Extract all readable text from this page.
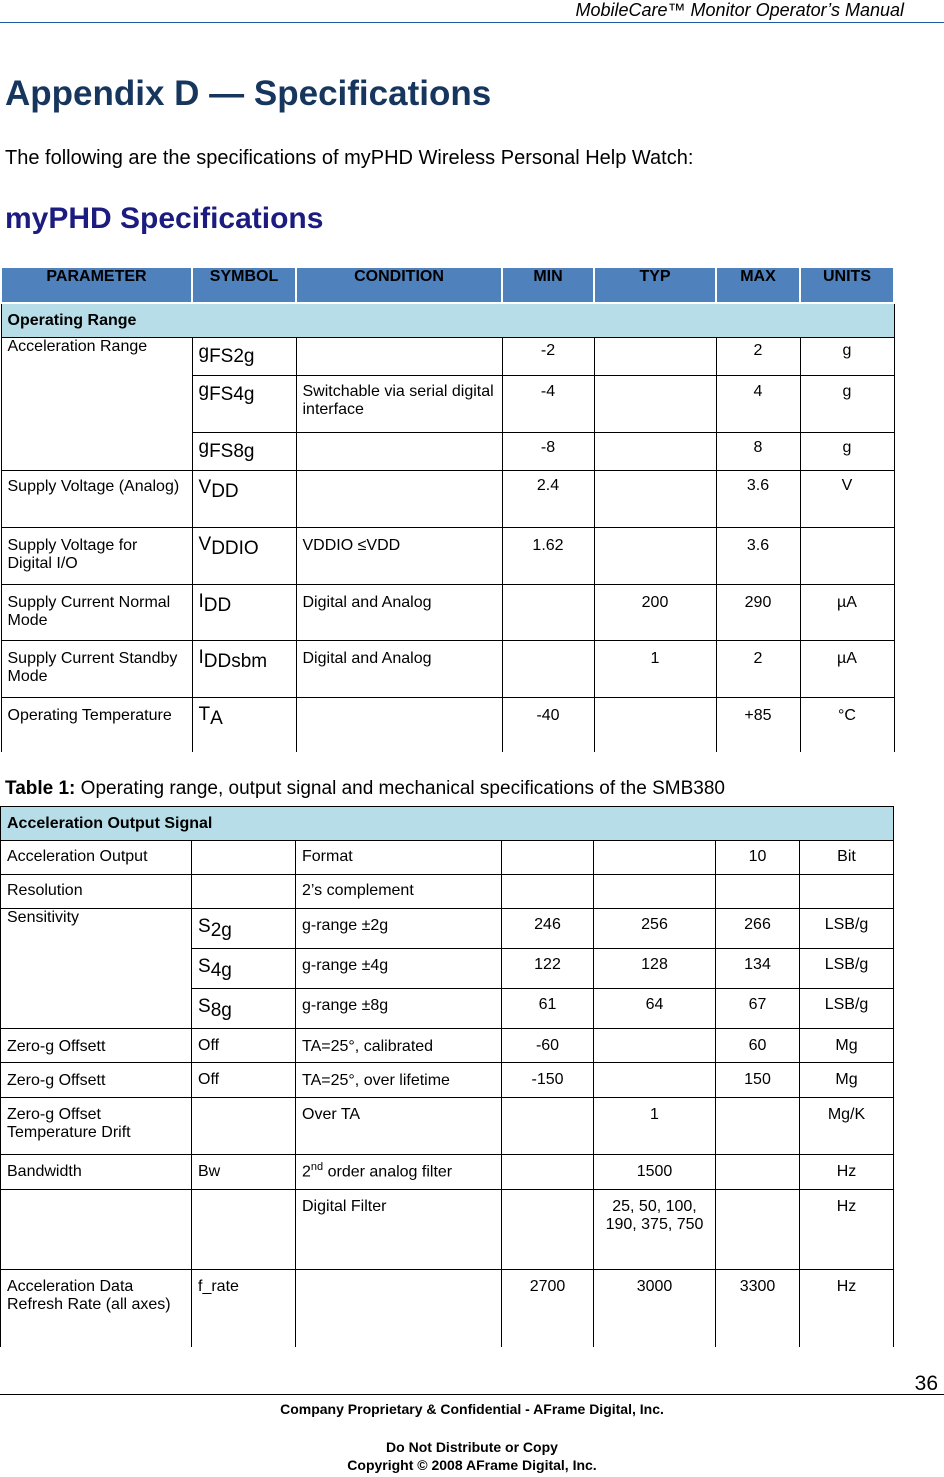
MobileCare™ Monitor Operator’s Manual
Appendix D — Specifications
The following are the specifications of myPHD Wireless Personal Help Watch:
myPHD Specifications
PARAMETER	SYMBOL	CONDITION	MIN	TYP	MAX	UNITS
Operating Range						
Acceleration Range	$g_{FS2g}$		-2		2	g
	$g_{FS4g}$	Switchable via serial digital interface	-4		4	g
	$g_{FS8g}$		-8		8	g
Supply Voltage (Analog)	$V_{DD}$		2.4		3.6	V
Supply Voltage for Digital I/O	$V_{DDIO}$	VDDIO ≤VDD	1.62		3.6	
Supply Current Normal Mode	$I_{DD}$	Digital and Analog		200	290	µA
Supply Current Standby Mode	$I_{DDsbm}$	Digital and Analog		1	2	µA
Operating Temperature	$T_A$		-40		+85	°C
Table 1: Operating range, output signal and mechanical specifications of the SMB380
Acceleration Output Signal						
Acceleration Output		Format			10	Bit
Resolution		2’s complement				
Sensitivity	$S_{2g}$	g-range ±2g	246	256	266	LSB/g
	$S_{4g}$	g-range ±4g	122	128	134	LSB/g
	$S_{8g}$	g-range ±8g	61	64	67	LSB/g
Zero-g Offsett	Off	TA=25°, calibrated	-60		60	Mg
Zero-g Offsett	Off	TA=25°, over lifetime	-150		150	Mg
Zero-g Offset Temperature Drift		Over TA		1		Mg/K
Bandwidth	Bw	2nd order analog filter		1500		Hz
		Digital Filter		25, 50, 100, 190, 375, 750		Hz
Acceleration Data Refresh Rate (all axes)	f_rate		2700	3000	3300	Hz
36
Company Proprietary & Confidential - AFrame Digital, Inc.
Do Not Distribute or Copy
Copyright © 2008 AFrame Digital, Inc.
